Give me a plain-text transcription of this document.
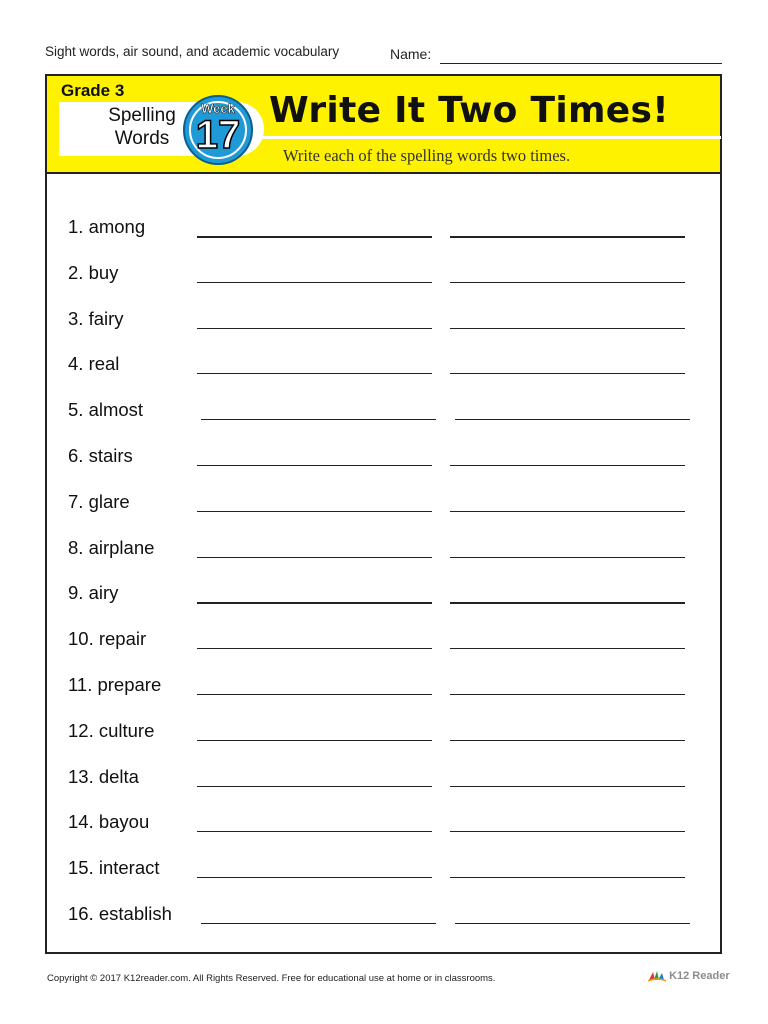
Sight words, air sound, and academic vocabulary	Name:
Grade 3
Spelling
Words
Week
17
Write It Two Times!
Write each of the spelling words two times.
1. among
2. buy
3. fairy
4. real
5. almost
6. stairs
7. glare
8. airplane
9. airy
10. repair
11. prepare
12. culture
13. delta
14. bayou
15. interact
16. establish
Copyright © 2017 K12reader.com. All Rights Reserved. Free for educational use at home or in classrooms.	K12 Reader
